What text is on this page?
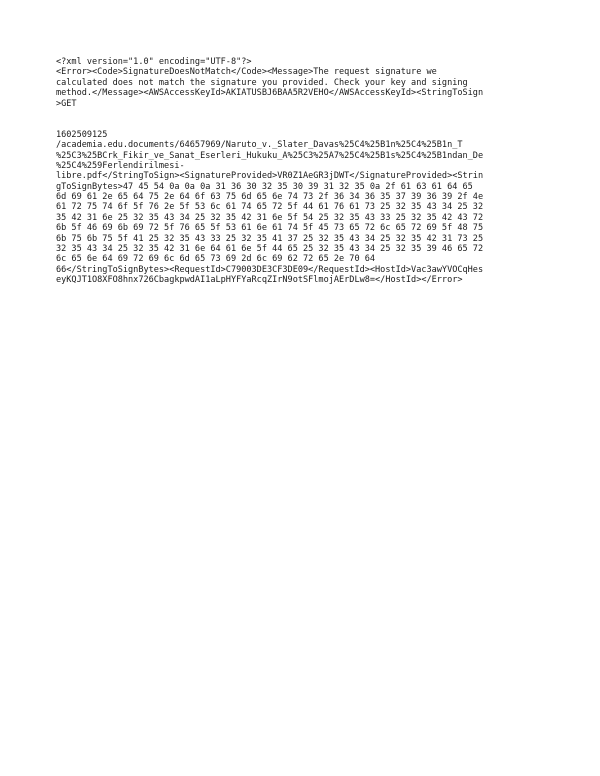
<?xml version="1.0" encoding="UTF-8"?>
<Error><Code>SignatureDoesNotMatch</Code><Message>The request signature we
calculated does not match the signature you provided. Check your key and signing
method.</Message><AWSAccessKeyId>AKIATUSBJ6BAA5R2VEHO</AWSAccessKeyId><StringToSign
>GET
1602509125
/academia.edu.documents/64657969/Naruto_v._Slater_Davas%25C4%25B1n%25C4%25B1n_T
%25C3%25BCrk_Fikir_ve_Sanat_Eserleri_Hukuku_A%25C3%25A7%25C4%25B1s%25C4%25B1ndan_De
%25C4%259Ferlendirilmesi-
libre.pdf</StringToSign><SignatureProvided>VR0Z1AeGR3jDWT</SignatureProvided><Strin
gToSignBytes>47 45 54 0a 0a 0a 31 36 30 32 35 30 39 31 32 35 0a 2f 61 63 61 64 65
6d 69 61 2e 65 64 75 2e 64 6f 63 75 6d 65 6e 74 73 2f 36 34 36 35 37 39 36 39 2f 4e
61 72 75 74 6f 5f 76 2e 5f 53 6c 61 74 65 72 5f 44 61 76 61 73 25 32 35 43 34 25 32
35 42 31 6e 25 32 35 43 34 25 32 35 42 31 6e 5f 54 25 32 35 43 33 25 32 35 42 43 72
6b 5f 46 69 6b 69 72 5f 76 65 5f 53 61 6e 61 74 5f 45 73 65 72 6c 65 72 69 5f 48 75
6b 75 6b 75 5f 41 25 32 35 43 33 25 32 35 41 37 25 32 35 43 34 25 32 35 42 31 73 25
32 35 43 34 25 32 35 42 31 6e 64 61 6e 5f 44 65 25 32 35 43 34 25 32 35 39 46 65 72
6c 65 6e 64 69 72 69 6c 6d 65 73 69 2d 6c 69 62 72 65 2e 70 64
66</StringToSignBytes><RequestId>C79003DE3CF3DE09</RequestId><HostId>Vac3awYVOCqHes
eyKQJT1O8XFO8hnx726CbagkpwdAI1aLpHYFYaRcqZIrN9otSFlmojAErDLw8=</HostId></Error>
